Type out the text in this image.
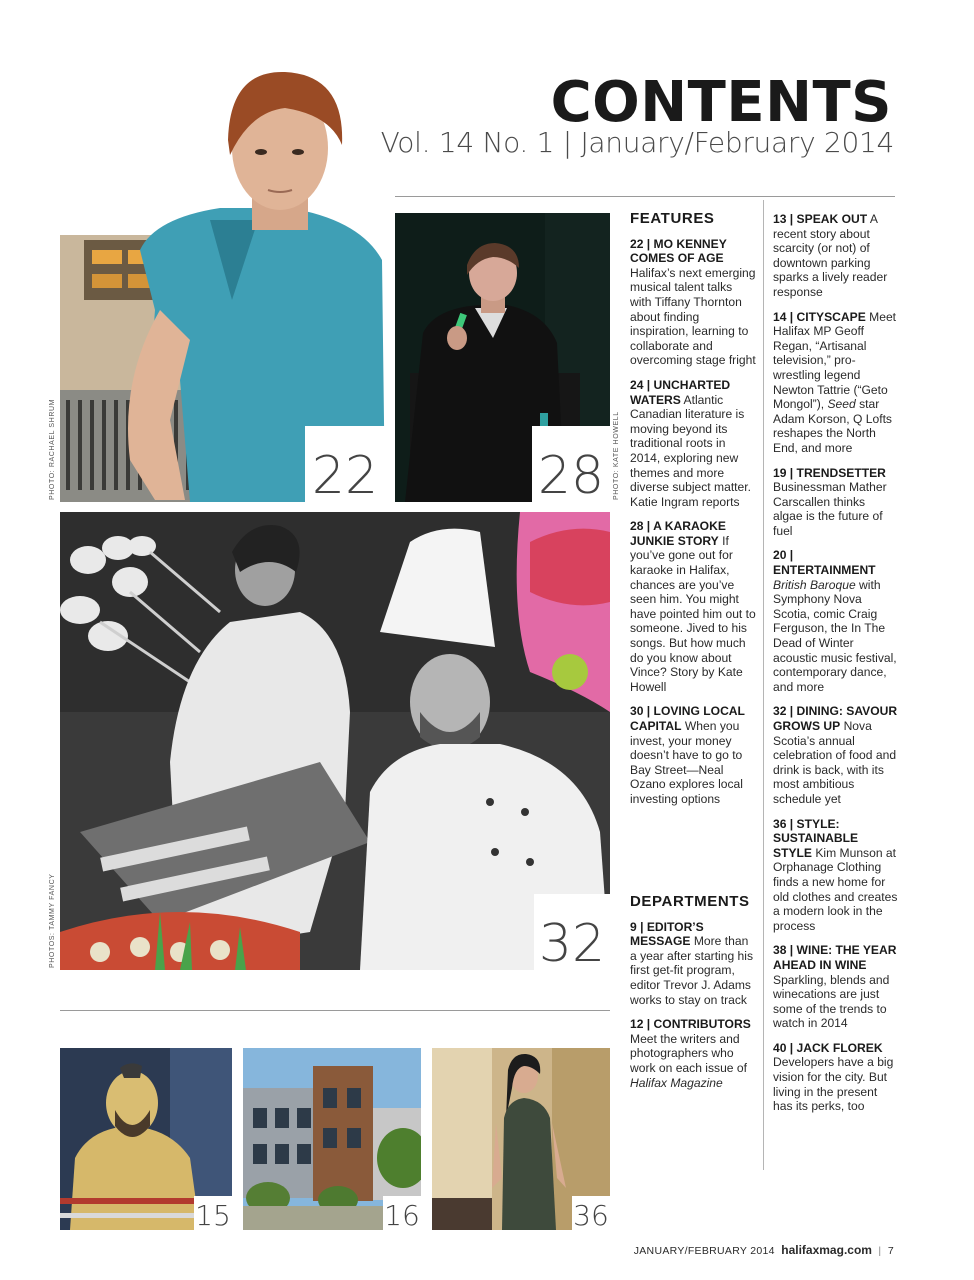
CONTENTS
Vol. 14 No. 1 | January/February 2014
22
PHOTO: RACHAEL SHRUM	28 PHOTO: KATE HOWELL
32
PHOTOS: TAMMY FANCY
15	16	36
FEATURES
22 | MO KENNEY COMES OF AGE Halifax’s next emerging musical talent talks with Tiffany Thornton about finding inspiration, learning to collaborate and overcoming stage fright
24 | UNCHARTED WATERS Atlantic Canadian literature is moving beyond its traditional roots in 2014, exploring new themes and more diverse subject matter. Katie Ingram reports
28 | A KARAOKE JUNKIE STORY If you’ve gone out for karaoke in Halifax, chances are you’ve seen him. You might have pointed him out to someone. Jived to his songs. But how much do you know about Vince? Story by Kate Howell
30 | LOVING LOCAL CAPITAL When you invest, your money doesn’t have to go to Bay Street—Neal Ozano explores local investing options
DEPARTMENTS
9 | EDITOR’S MESSAGE More than a year after starting his first get-fit program, editor Trevor J. Adams works to stay on track
12 | CONTRIBUTORS Meet the writers and photographers who work on each issue of Halifax Magazine
13 | SPEAK OUT A recent story about scarcity (or not) of downtown parking sparks a lively reader response
14 | CITYSCAPE Meet Halifax MP Geoff Regan, “Artisanal television,” pro-wrestling legend Newton Tattrie (“Geto Mongol”), Seed star Adam Korson, Q Lofts reshapes the North End, and more
19 | TRENDSETTER Businessman Mather Carscallen thinks algae is the future of fuel
20 | ENTERTAINMENT
British Baroque with Symphony Nova Scotia, comic Craig Ferguson, the In The Dead of Winter acoustic music festival, contemporary dance, and more
32 | DINING: SAVOUR GROWS UP Nova Scotia’s annual celebration of food and drink is back, with its most ambitious schedule yet
36 | STYLE: SUSTAINABLE STYLE Kim Munson at Orphanage Clothing finds a new home for old clothes and creates a modern look in the process
38 | WINE: THE YEAR AHEAD IN WINE Sparkling, blends and winecations are just some of the trends to watch in 2014
40 | JACK FLOREK Developers have a big vision for the city. But living in the present has its perks, too
JANUARY/FEBRUARY 2014 halifaxmag.com | 7
